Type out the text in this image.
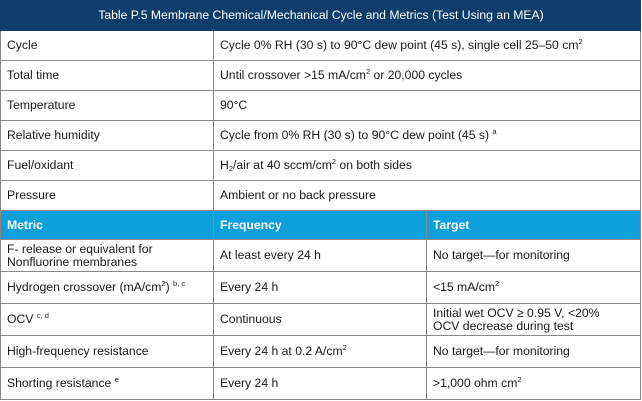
Table P.5 Membrane Chemical/Mechanical Cycle and Metrics (Test Using an MEA)		
Cycle	Cycle 0% RH (30 s) to 90°C dew point (45 s), single cell 25–50 $cm^2$
Total time	Until crossover >15 $mA/cm^2$ or 20,000 cycles	
Temperature	90°C	
Relative humidity	Cycle from 0% RH (30 s) to 90°C dew point (45 s) $^a$
Fuel/oxidant	$H_2$/air at 40 sccm/$cm^2$ on both sides	
Pressure	Ambient or no back pressure	
Metric	Frequency	Target
F- release or equivalent for
Nonfluorine membranes	At least every 24 h	No target—for monitoring
Hydrogen crossover $(mA/cm^2)$ $^{b, c}$	Every 24 h	<15 $mA/cm^2$
OCV $^{c, d}$	Continuous	Initial wet OCV ≥ 0.95 V, <20%
OCV decrease during test
High-frequency resistance	Every 24 h at 0.2 $A/cm^2$	No target—for monitoring
Shorting resistance $^e$	Every 24 h	>1,000 ohm $cm^2$
